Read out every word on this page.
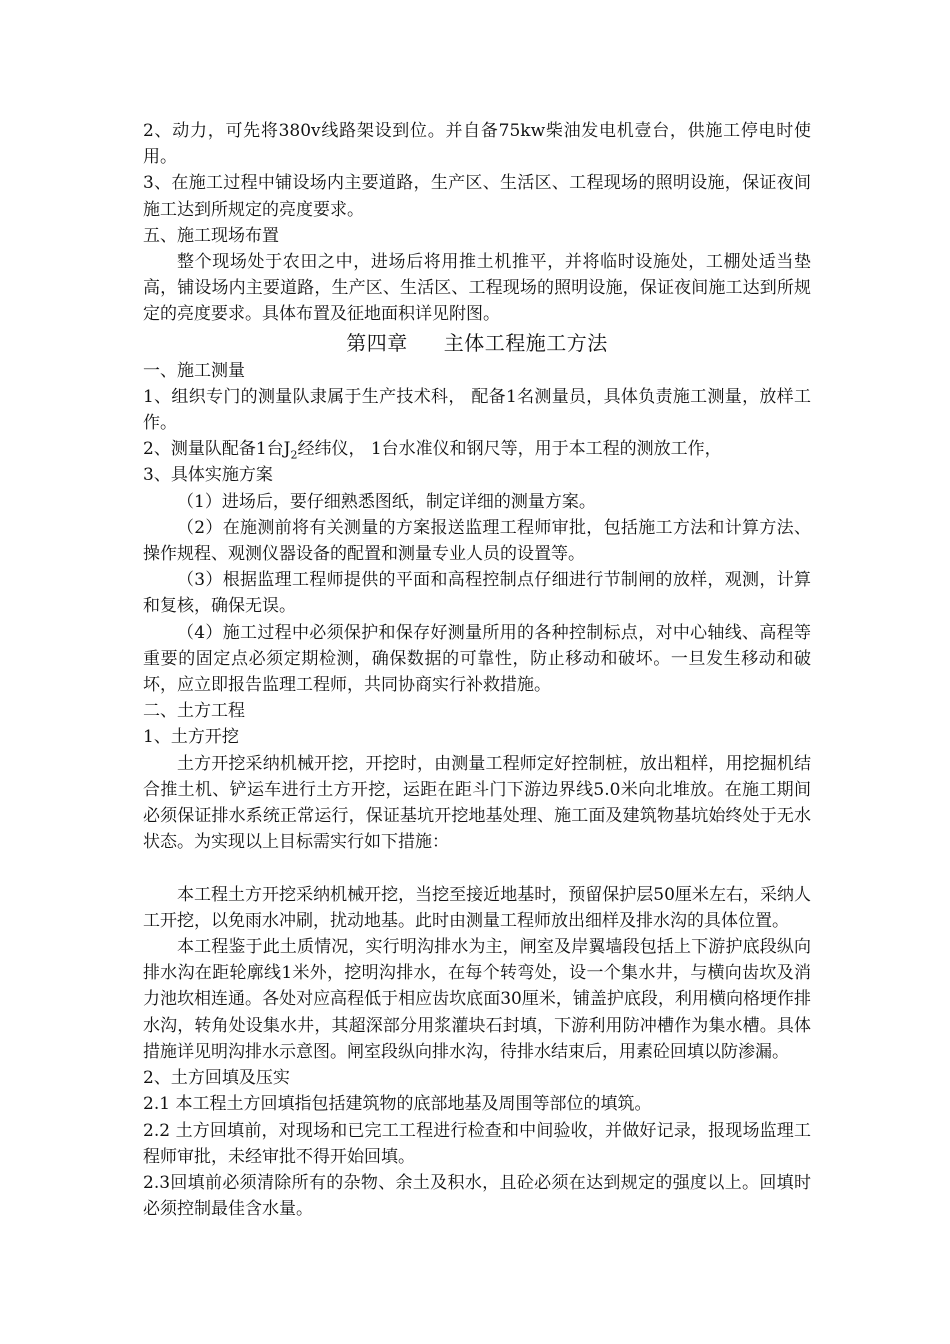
2、动力，可先将380v线路架设到位。并自备75kw柴油发电机壹台，供施工停电时使用。

3、在施工过程中铺设场内主要道路，生产区、生活区、工程现场的照明设施，保证夜间施工达到所规定的亮度要求。

五、施工现场布置

整个现场处于农田之中，进场后将用推土机推平，并将临时设施处，工棚处适当垫高，铺设场内主要道路，生产区、生活区、工程现场的照明设施，保证夜间施工达到所规定的亮度要求。具体布置及征地面积详见附图。

第四章 主体工程施工方法

一、施工测量

1、组织专门的测量队隶属于生产技术科， 配备1名测量员，具体负责施工测量，放样工作。

2、测量队配备1台$J_2$经纬仪， 1台水准仪和钢尺等，用于本工程的测放工作，

3、具体实施方案

（1）进场后，要仔细熟悉图纸，制定详细的测量方案。

（2）在施测前将有关测量的方案报送监理工程师审批，包括施工方法和计算方法、操作规程、观测仪器设备的配置和测量专业人员的设置等。

（3）根据监理工程师提供的平面和高程控制点仔细进行节制闸的放样，观测，计算和复核，确保无误。

（4）施工过程中必须保护和保存好测量所用的各种控制标点，对中心轴线、高程等重要的固定点必须定期检测，确保数据的可靠性，防止移动和破坏。一旦发生移动和破坏，应立即报告监理工程师，共同协商实行补救措施。

二、土方工程

1、土方开挖

土方开挖采纳机械开挖，开挖时，由测量工程师定好控制桩，放出粗样，用挖掘机结合推土机、铲运车进行土方开挖，运距在距斗门下游边界线5.0米向北堆放。在施工期间必须保证排水系统正常运行，保证基坑开挖地基处理、施工面及建筑物基坑始终处于无水状态。为实现以上目标需实行如下措施：

本工程土方开挖采纳机械开挖，当挖至接近地基时，预留保护层50厘米左右，采纳人工开挖，以免雨水冲刷，扰动地基。此时由测量工程师放出细样及排水沟的具体位置。

本工程鉴于此土质情况，实行明沟排水为主，闸室及岸翼墙段包括上下游护底段纵向排水沟在距轮廓线1米外，挖明沟排水，在每个转弯处，设一个集水井，与横向齿坎及消力池坎相连通。各处对应高程低于相应齿坎底面30厘米，铺盖护底段，利用横向格埂作排水沟，转角处设集水井，其超深部分用浆灌块石封填，下游利用防冲槽作为集水槽。具体措施详见明沟排水示意图。闸室段纵向排水沟，待排水结束后，用素砼回填以防渗漏。

2、土方回填及压实

2.1 本工程土方回填指包括建筑物的底部地基及周围等部位的填筑。

2.2 土方回填前，对现场和已完工工程进行检查和中间验收，并做好记录，报现场监理工程师审批，未经审批不得开始回填。

2.3回填前必须清除所有的杂物、余土及积水，且砼必须在达到规定的强度以上。回填时必须控制最佳含水量。
